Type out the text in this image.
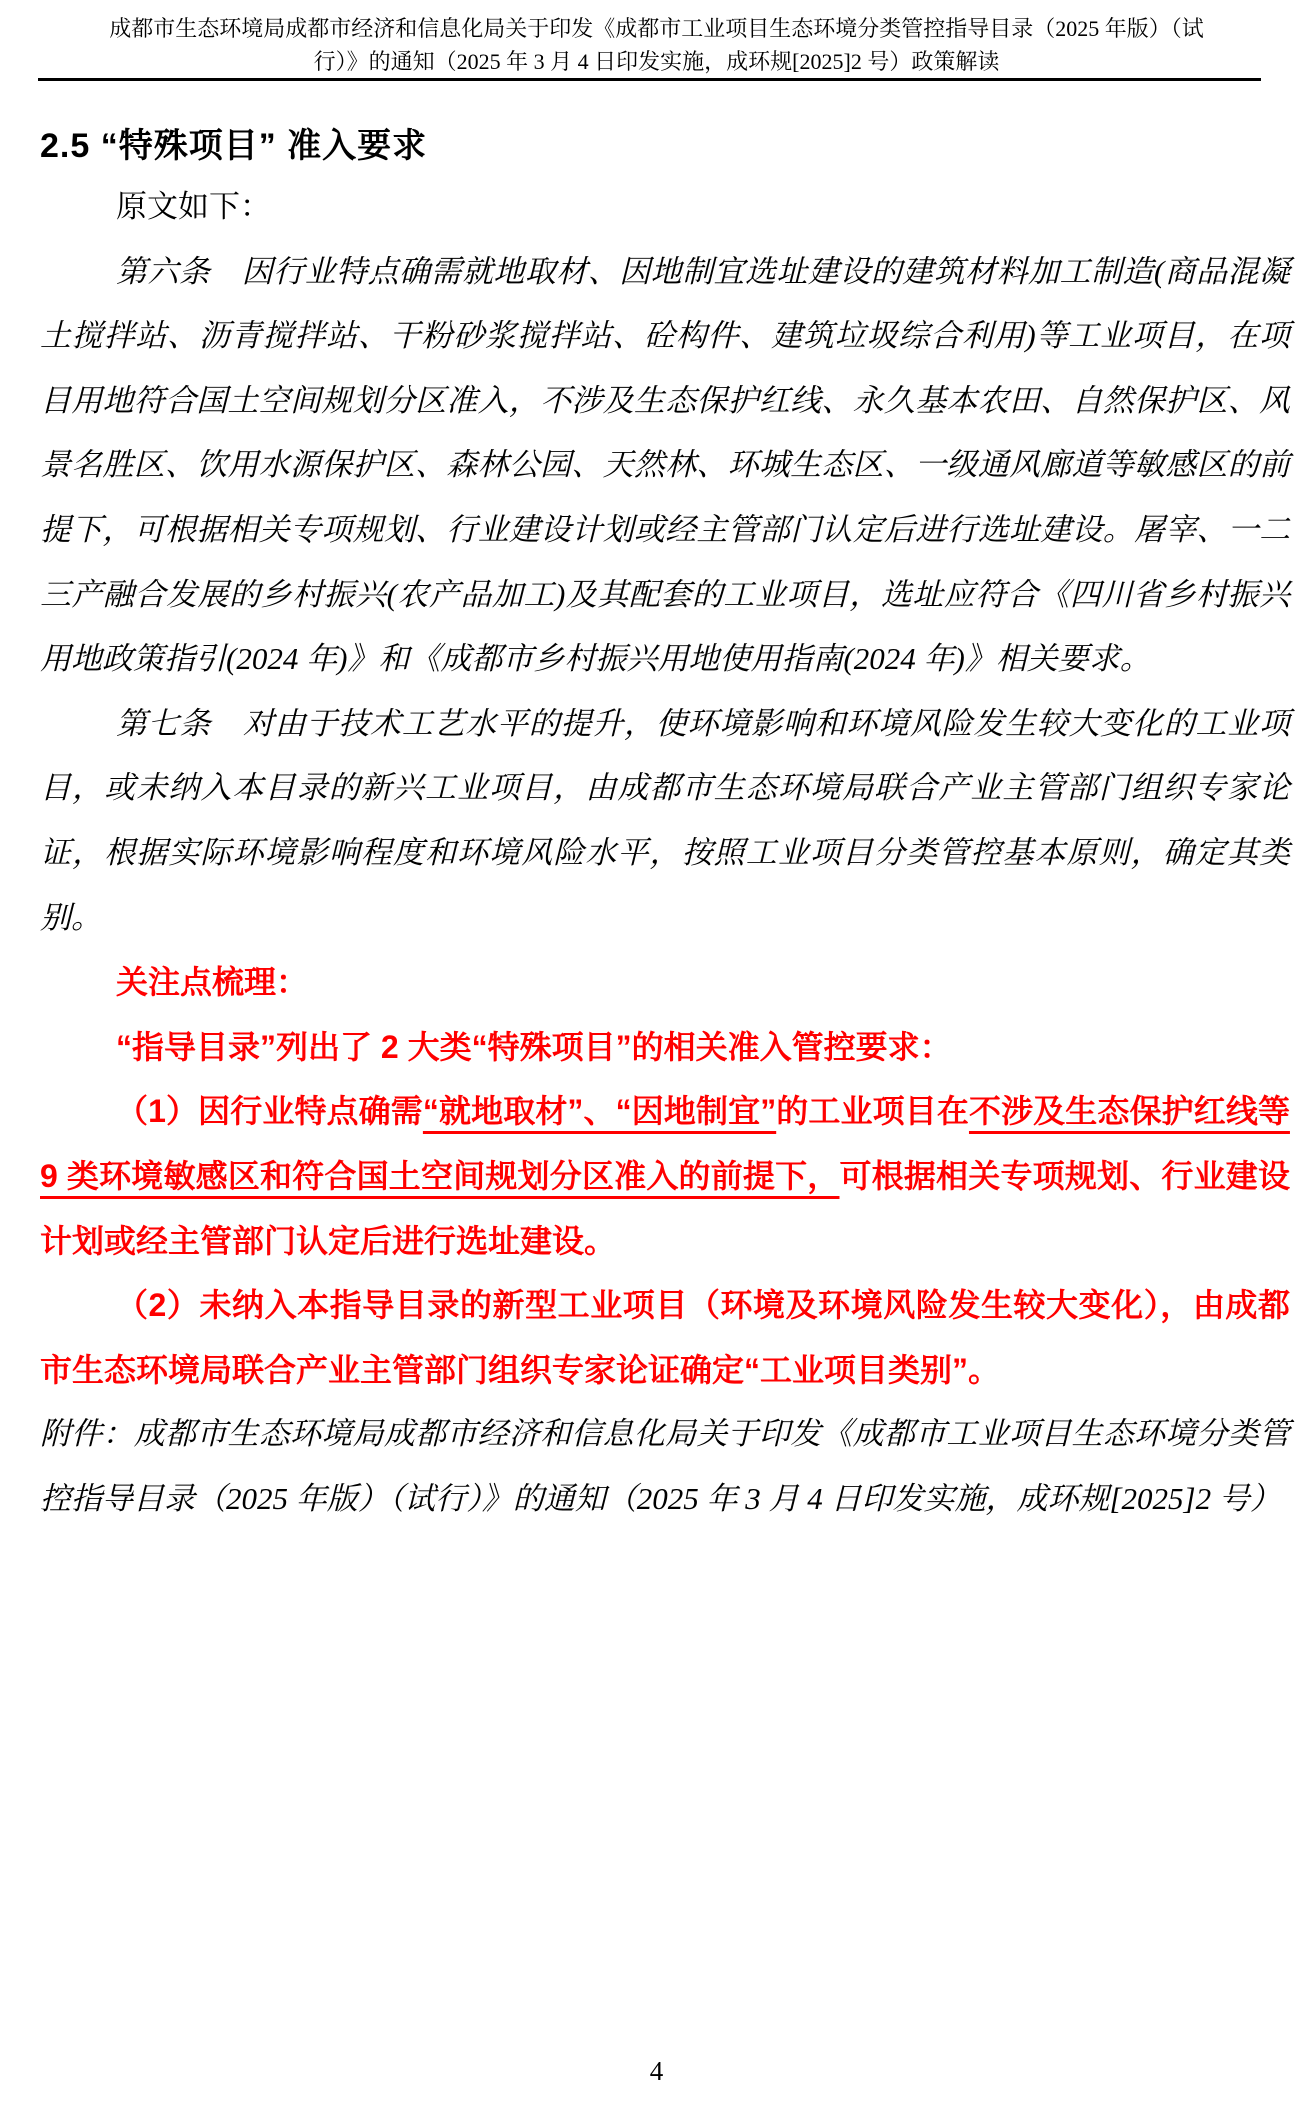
成都市生态环境局成都市经济和信息化局关于印发《成都市工业项目生态环境分类管控指导目录（2025 年版）（试
行）》的通知（2025 年 3 月 4 日印发实施，成环规[2025]2 号）政策解读
2.5 “特殊项目” 准入要求

原文如下：

第六条　因行业特点确需就地取材、因地制宜选址建设的建筑材料加工制造(商品混凝土搅拌站、沥青搅拌站、干粉砂浆搅拌站、砼构件、建筑垃圾综合利用)等工业项目，在项目用地符合国土空间规划分区准入，不涉及生态保护红线、永久基本农田、自然保护区、风景名胜区、饮用水源保护区、森林公园、天然林、环城生态区、一级通风廊道等敏感区的前提下，可根据相关专项规划、行业建设计划或经主管部门认定后进行选址建设。屠宰、一二三产融合发展的乡村振兴(农产品加工)及其配套的工业项目，选址应符合《四川省乡村振兴用地政策指引(2024 年)》和《成都市乡村振兴用地使用指南(2024 年)》相关要求。

第七条　对由于技术工艺水平的提升，使环境影响和环境风险发生较大变化的工业项目，或未纳入本目录的新兴工业项目，由成都市生态环境局联合产业主管部门组织专家论证，根据实际环境影响程度和环境风险水平，按照工业项目分类管控基本原则，确定其类别。

关注点梳理：

“指导目录”列出了 2 大类“特殊项目”的相关准入管控要求：

（1）因行业特点确需“就地取材”、“因地制宜”的工业项目在不涉及生态保护红线等 9 类环境敏感区和符合国土空间规划分区准入的前提下，可根据相关专项规划、行业建设计划或经主管部门认定后进行选址建设。

（2）未纳入本指导目录的新型工业项目（环境及环境风险发生较大变化），由成都市生态环境局联合产业主管部门组织专家论证确定“工业项目类别”。

附件：成都市生态环境局成都市经济和信息化局关于印发《成都市工业项目生态环境分类管控指导目录（2025 年版）（试行）》的通知（2025 年 3 月 4 日印发实施，成环规[2025]2 号）

4
